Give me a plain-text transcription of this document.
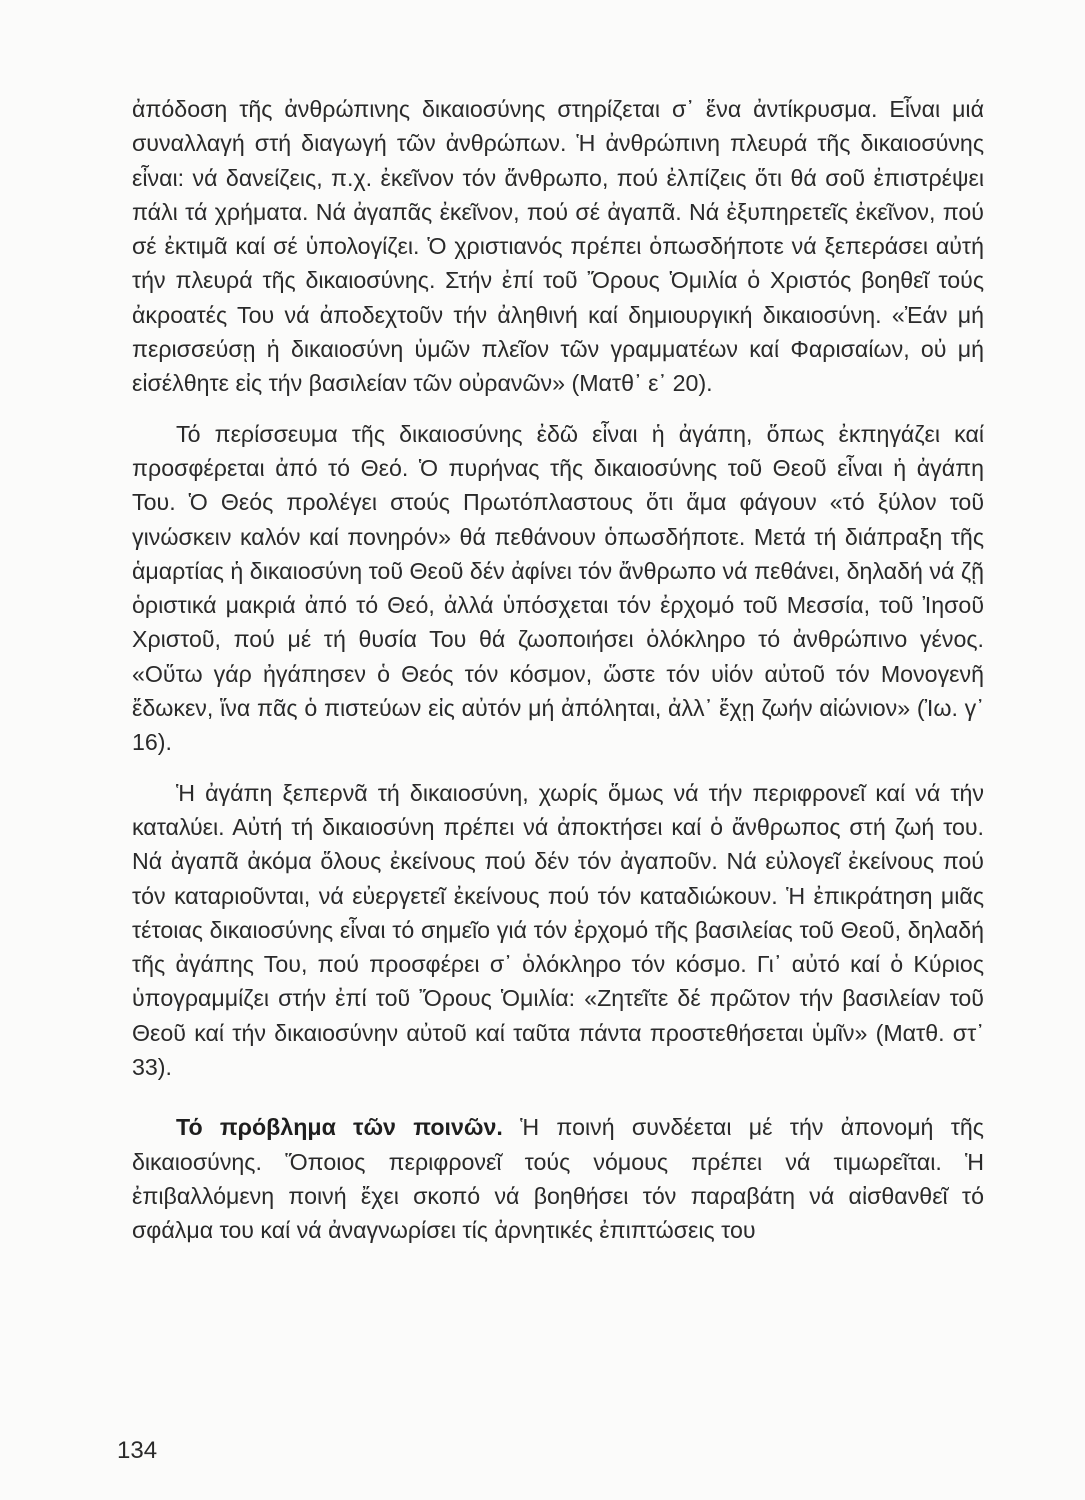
ἀπόδοση τῆς ἀνθρώπινης δικαιοσύνης στηρίζεται σ᾽ ἕνα ἀντίκρυσμα. Εἶναι μιά συναλλαγή στή διαγωγή τῶν ἀνθρώπων. Ἡ ἀνθρώπινη πλευρά τῆς δικαιοσύνης εἶναι: νά δανείζεις, π.χ. ἐκεῖνον τόν ἄνθρωπο, πού ἐλπίζεις ὅτι θά σοῦ ἐπιστρέψει πάλι τά χρήματα. Νά ἀγαπᾶς ἐκεῖνον, πού σέ ἀγαπᾶ. Νά ἐξυπηρετεῖς ἐκεῖνον, πού σέ ἐκτιμᾶ καί σέ ὑπολογίζει. Ὁ χριστιανός πρέπει ὁπωσδήποτε νά ξεπεράσει αὐτή τήν πλευρά τῆς δικαιοσύνης. Στήν ἐπί τοῦ Ὄρους Ὁμιλία ὁ Χριστός βοηθεῖ τούς ἀκροατές Του νά ἀποδεχτοῦν τήν ἀληθινή καί δημιουργική δικαιοσύνη. «Ἐάν μή περισσεύσῃ ἡ δικαιοσύνη ὑμῶν πλεῖον τῶν γραμματέων καί Φαρισαίων, οὐ μή εἰσέλθητε εἰς τήν βασιλείαν τῶν οὐρανῶν» (Ματθ᾽ ε᾽ 20).

Τό περίσσευμα τῆς δικαιοσύνης ἐδῶ εἶναι ἡ ἀγάπη, ὅπως ἐκπηγάζει καί προσφέρεται ἀπό τό Θεό. Ὁ πυρήνας τῆς δικαιοσύνης τοῦ Θεοῦ εἶναι ἡ ἀγάπη Του. Ὁ Θεός προλέγει στούς Πρωτόπλαστους ὅτι ἅμα φάγουν «τό ξύλον τοῦ γινώσκειν καλόν καί πονηρόν» θά πεθάνουν ὁπωσδήποτε. Μετά τή διάπραξη τῆς ἁμαρτίας ἡ δικαιοσύνη τοῦ Θεοῦ δέν ἀφίνει τόν ἄνθρωπο νά πεθάνει, δηλαδή νά ζῇ ὁριστικά μακριά ἀπό τό Θεό, ἀλλά ὑπόσχεται τόν ἐρχομό τοῦ Μεσσία, τοῦ Ἰησοῦ Χριστοῦ, πού μέ τή θυσία Του θά ζωοποιήσει ὁλόκληρο τό ἀνθρώπινο γένος. «Οὕτω γάρ ἠγάπησεν ὁ Θεός τόν κόσμον, ὥστε τόν υἱόν αὐτοῦ τόν Μονογενῆ ἔδωκεν, ἵνα πᾶς ὁ πιστεύων εἰς αὐτόν μή ἀπόληται, ἀλλ᾽ ἔχῃ ζωήν αἰώνιον» (Ἰω. γ᾽ 16).

Ἡ ἀγάπη ξεπερνᾶ τή δικαιοσύνη, χωρίς ὅμως νά τήν περιφρονεῖ καί νά τήν καταλύει. Αὐτή τή δικαιοσύνη πρέπει νά ἀποκτήσει καί ὁ ἄνθρωπος στή ζωή του. Νά ἀγαπᾶ ἀκόμα ὅλους ἐκείνους πού δέν τόν ἀγαποῦν. Νά εὐλογεῖ ἐκείνους πού τόν καταριοῦνται, νά εὐεργετεῖ ἐκείνους πού τόν καταδιώκουν. Ἡ ἐπικράτηση μιᾶς τέτοιας δικαιοσύνης εἶναι τό σημεῖο γιά τόν ἐρχομό τῆς βασιλείας τοῦ Θεοῦ, δηλαδή τῆς ἀγάπης Του, πού προσφέρει σ᾽ ὁλόκληρο τόν κόσμο. Γι᾽ αὐτό καί ὁ Κύριος ὑπογραμμίζει στήν ἐπί τοῦ Ὄρους Ὁμιλία: «Ζητεῖτε δέ πρῶτον τήν βασιλείαν τοῦ Θεοῦ καί τήν δικαιοσύνην αὐτοῦ καί ταῦτα πάντα προστεθήσεται ὑμῖν» (Ματθ. στ᾽ 33).

Τό πρόβλημα τῶν ποινῶν. Ἡ ποινή συνδέεται μέ τήν ἀπονομή τῆς δικαιοσύνης. Ὅποιος περιφρονεῖ τούς νόμους πρέπει νά τιμωρεῖται. Ἡ ἐπιβαλλόμενη ποινή ἔχει σκοπό νά βοηθήσει τόν παραβάτη νά αἰσθανθεῖ τό σφάλμα του καί νά ἀναγνωρίσει τίς ἀρνητικές ἐπιπτώσεις του

134
